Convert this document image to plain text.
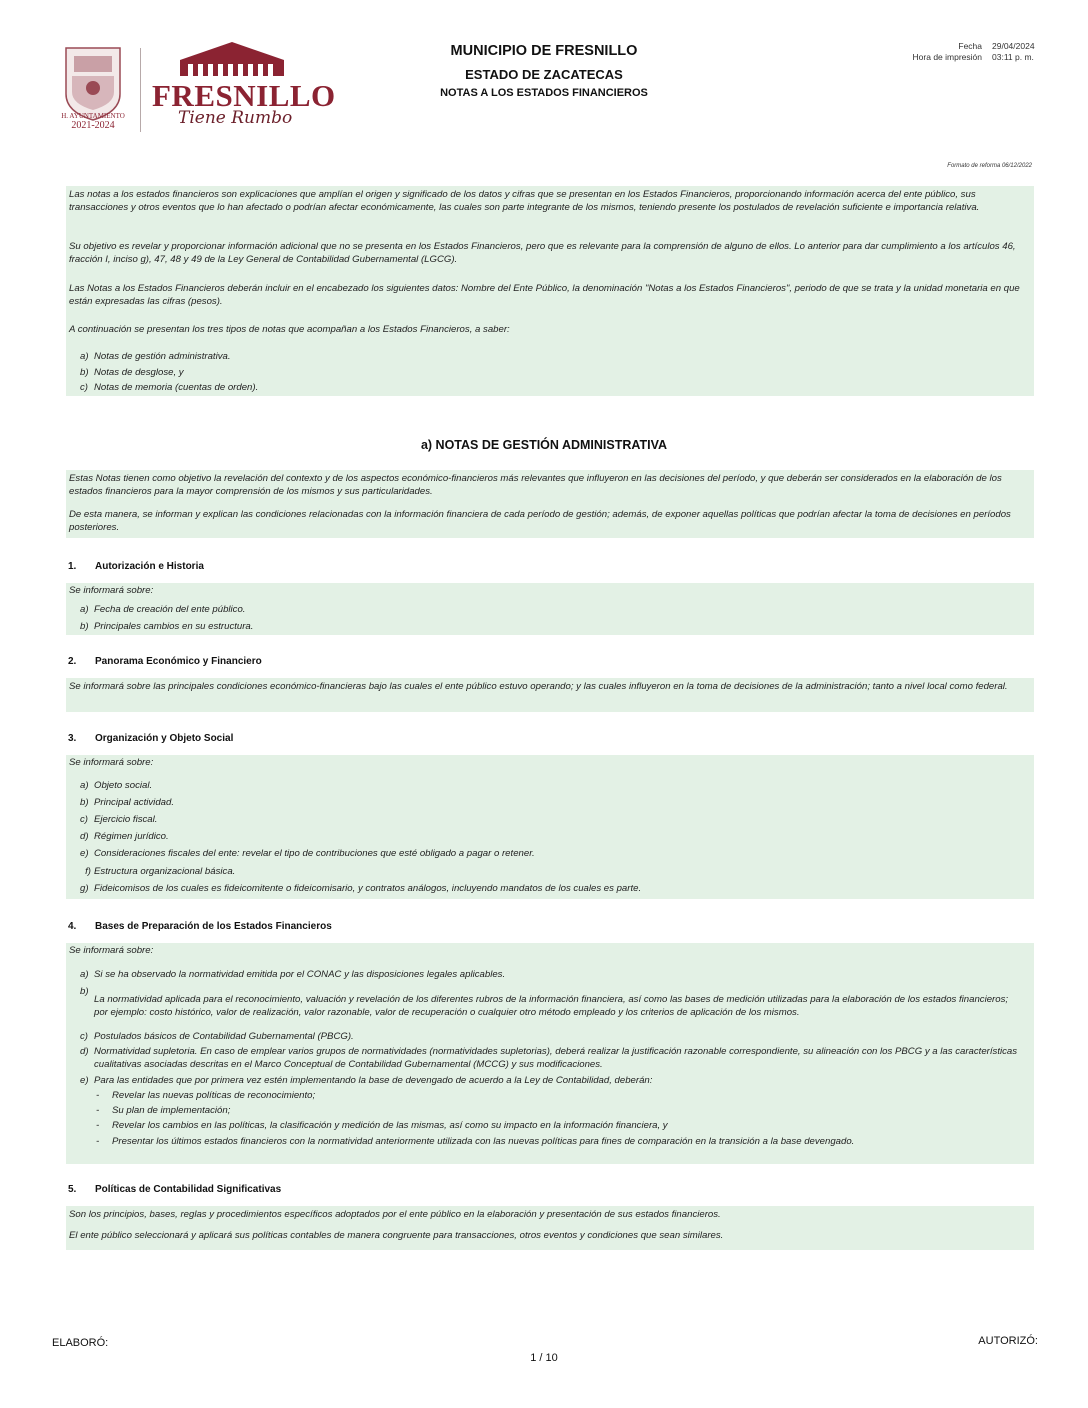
H. AYUNTAMIENTO
2021-2024
FRESNILLO
Tiene Rumbo
MUNICIPIO DE FRESNILLO
ESTADO DE ZACATECAS
NOTAS A LOS ESTADOS FINANCIEROS
Fecha 29/04/2024
Hora de impresión 03:11 p. m.
Formato de reforma 06/12/2022

Las notas a los estados financieros son explicaciones que amplían el origen y significado de los datos y cifras que se presentan en los Estados Financieros, proporcionando información acerca del ente público, sus transacciones y otros eventos que lo han afectado o podrían afectar económicamente, las cuales son parte integrante de los mismos, teniendo presente los postulados de revelación suficiente e importancia relativa.

Su objetivo es revelar y proporcionar información adicional que no se presenta en los Estados Financieros, pero que es relevante para la comprensión de alguno de ellos. Lo anterior para dar cumplimiento a los artículos 46, fracción I, inciso g), 47, 48 y 49 de la Ley General de Contabilidad Gubernamental (LGCG).

Las Notas a los Estados Financieros deberán incluir en el encabezado los siguientes datos: Nombre del Ente Público, la denominación "Notas a los Estados Financieros", periodo de que se trata y la unidad monetaria en que están expresadas las cifras (pesos).

A continuación se presentan los tres tipos de notas que acompañan a los Estados Financieros, a saber:

a) Notas de gestión administrativa.
b) Notas de desglose, y
c) Notas de memoria (cuentas de orden).
a) NOTAS DE GESTIÓN ADMINISTRATIVA

Estas Notas tienen como objetivo la revelación del contexto y de los aspectos económico-financieros más relevantes que influyeron en las decisiones del período, y que deberán ser considerados en la elaboración de los estados financieros para la mayor comprensión de los mismos y sus particularidades.

De esta manera, se informan y explican las condiciones relacionadas con la información financiera de cada período de gestión; además, de exponer aquellas políticas que podrían afectar la toma de decisiones en períodos posteriores.

1. Autorización e Historia

Se informará sobre:

a) Fecha de creación del ente público.
b) Principales cambios en su estructura.
2. Panorama Económico y Financiero

Se informará sobre las principales condiciones económico-financieras bajo las cuales el ente público estuvo operando; y las cuales influyeron en la toma de decisiones de la administración; tanto a nivel local como federal.

3. Organización y Objeto Social

Se informará sobre:

a) Objeto social.
b) Principal actividad.
c) Ejercicio fiscal.
d) Régimen jurídico.
e) Consideraciones fiscales del ente: revelar el tipo de contribuciones que esté obligado a pagar o retener.
f) Estructura organizacional básica.
g) Fideicomisos de los cuales es fideicomitente o fideicomisario, y contratos análogos, incluyendo mandatos de los cuales es parte.
4. Bases de Preparación de los Estados Financieros

Se informará sobre:

a) Si se ha observado la normatividad emitida por el CONAC y las disposiciones legales aplicables.
b)
La normatividad aplicada para el reconocimiento, valuación y revelación de los diferentes rubros de la información financiera, así como las bases de medición utilizadas para la elaboración de los estados financieros; por ejemplo: costo histórico, valor de realización, valor razonable, valor de recuperación o cualquier otro método empleado y los criterios de aplicación de los mismos.
c) Postulados básicos de Contabilidad Gubernamental (PBCG).
d) Normatividad supletoria. En caso de emplear varios grupos de normatividades (normatividades supletorias), deberá realizar la justificación razonable correspondiente, su alineación con los PBCG y a las características cualitativas asociadas descritas en el Marco Conceptual de Contabilidad Gubernamental (MCCG) y sus modificaciones.
e) Para las entidades que por primera vez estén implementando la base de devengado de acuerdo a la Ley de Contabilidad, deberán:
- Revelar las nuevas políticas de reconocimiento;
- Su plan de implementación;
- Revelar los cambios en las políticas, la clasificación y medición de las mismas, así como su impacto en la información financiera, y
- Presentar los últimos estados financieros con la normatividad anteriormente utilizada con las nuevas políticas para fines de comparación en la transición a la base devengado.
5. Políticas de Contabilidad Significativas

Son los principios, bases, reglas y procedimientos específicos adoptados por el ente público en la elaboración y presentación de sus estados financieros.

El ente público seleccionará y aplicará sus políticas contables de manera congruente para transacciones, otros eventos y condiciones que sean similares.

ELABORÓ:	AUTORIZÓ:
1 / 10
